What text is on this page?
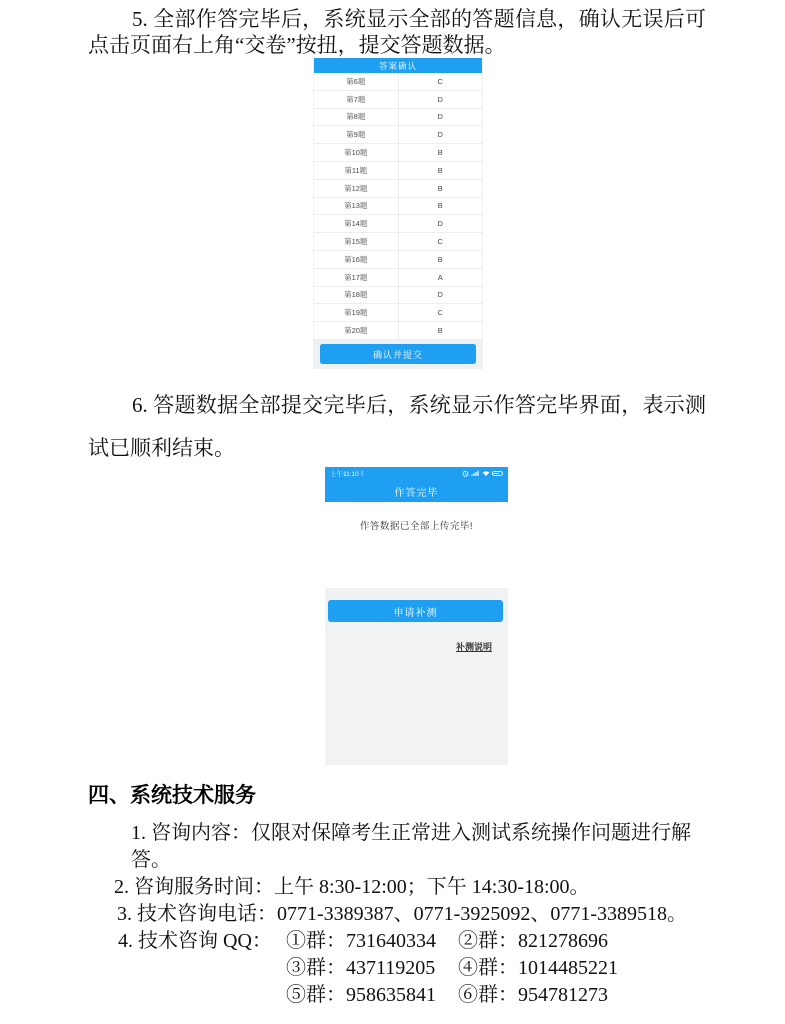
5. 全部作答完毕后，系统显示全部的答题信息，确认无误后可点击页面右上角“交卷”按扭，提交答题数据。

答案确认
第6题	C
第7题	D
第8题	D
第9题	D
第10题	B
第11题	B
第12题	B
第13题	B
第14题	D
第15题	C
第16题	B
第17题	A
第18题	D
第19题	C
第20题	B
确认并提交

6. 答题数据全部提交完毕后，系统显示作答完毕界面，表示测试已顺利结束。

上午11:10 ᛒ
作答完毕
作答数据已全部上传完毕!
申请补测
补测说明
四、系统技术服务

1. 咨询内容：仅限对保障考生正常进入测试系统操作问题进行解答。

2. 咨询服务时间：上午 8:30-12:00；下午 14:30-18:00。

3. 技术咨询电话：0771-3389387、0771-3925092、0771-3389518。

4. 技术咨询 QQ： ①群：731640334 ②群：821278696

③群：437119205 ④群：1014485221

⑤群：958635841 ⑥群：954781273
